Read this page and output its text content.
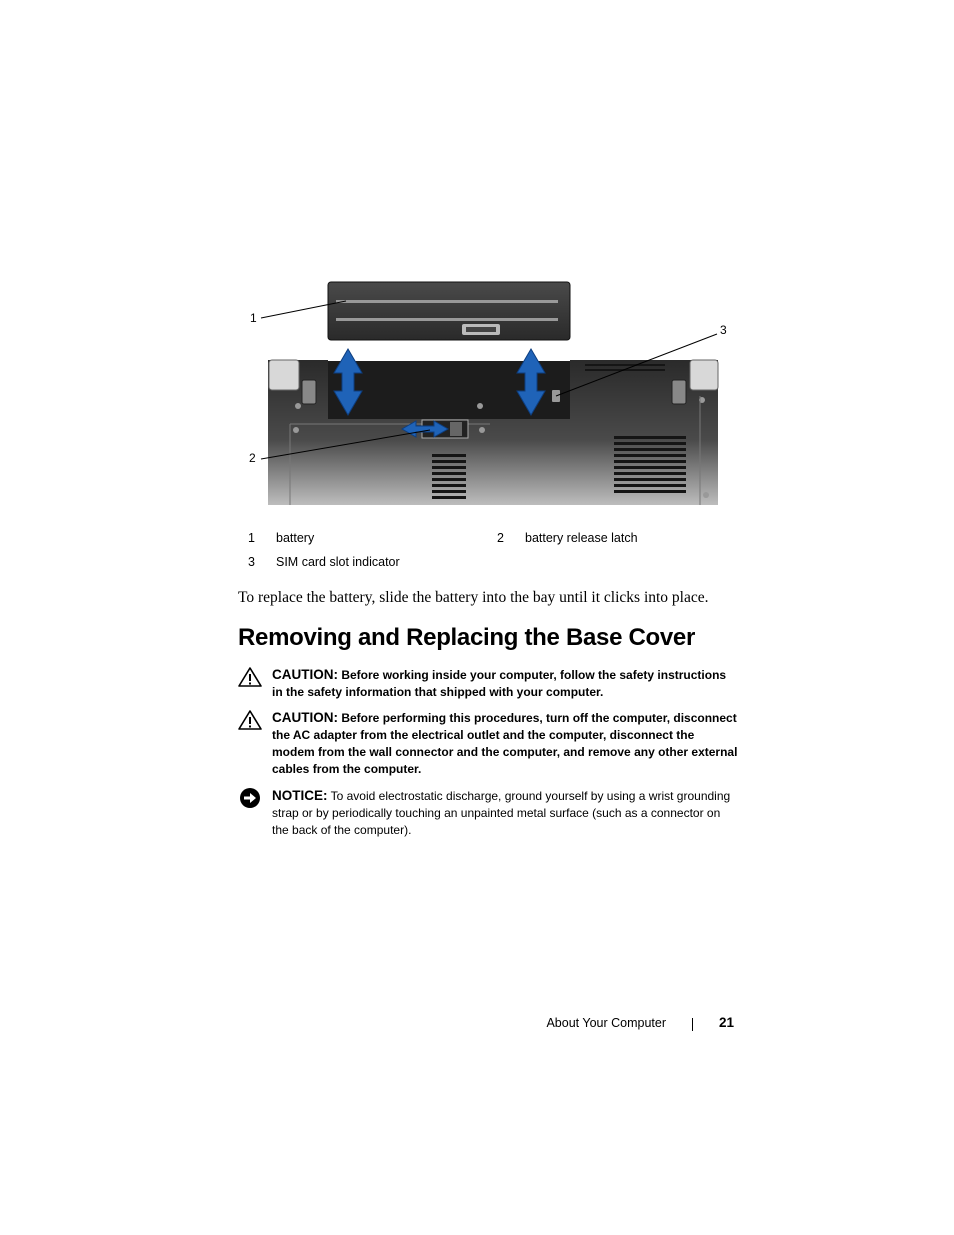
1
3
2
1 battery	2 battery release latch
3 SIM card slot indicator
To replace the battery, slide the battery into the bay until it clicks into place.
Removing and Replacing the Base Cover
CAUTION: Before working inside your computer, follow the safety instructions in the safety information that shipped with your computer.
CAUTION: Before performing this procedures, turn off the computer, disconnect the AC adapter from the electrical outlet and the computer, disconnect the modem from the wall connector and the computer, and remove any other external cables from the computer.
NOTICE: To avoid electrostatic discharge, ground yourself by using a wrist grounding strap or by periodically touching an unpainted metal surface (such as a connector on the back of the computer).
About Your Computer	21
